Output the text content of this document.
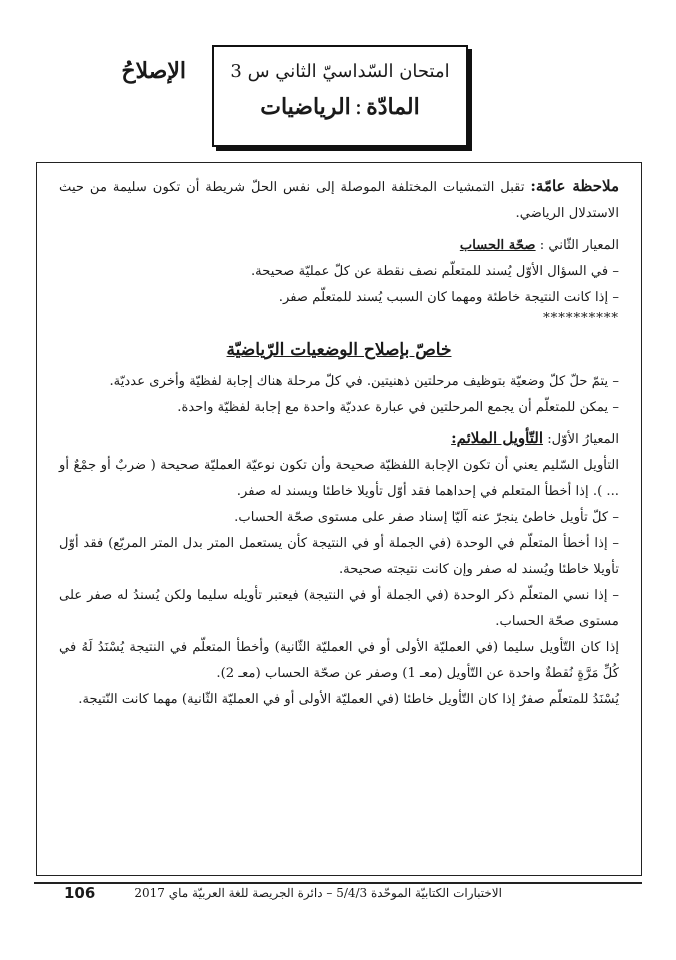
الإصلاحُ	امتحان السّداسيّ الثاني س 3
المادّة:الرياضيات

ملاحظة عامّة: تقبل التمشيات المختلفة الموصلة إلى نفس الحلّ شريطة أن تكون سليمة من حيث الاستدلال الرياضي.

المعيار الثّاني : صحّة الحساب

– في السؤال الأوّل يُسند للمتعلّم نصف نقطة عن كلّ عمليّة صحيحة.

– إذا كانت النتيجة خاطئة ومهما كان السبب يُسند للمتعلّم صفر.

**********

خاصّ بإصلاح الوضعيات الرّياضيّة

– يتمّ حلّ كلّ وضعيّة بتوظيف مرحلتين ذهنيتين. في كلّ مرحلة هناك إجابة لفظيّة وأخرى عدديّة.

– يمكن للمتعلّم أن يجمع المرحلتين في عبارة عدديّة واحدة مع إجابة لفظيّة واحدة.

المعيارُ الأوّل: التّأويل الملائم:

التأويل السّليم يعني أن تكون الإجابة اللفظيّة صحيحة وأن تكون نوعيّة العمليّة صحيحة ( ضربٌ أو جمْعٌ أو ... ). إذا أخطأ المتعلم في إحداهما فقد أوّل تأويلا خاطئا ويسند له صفر.

– كلّ تأويل خاطئ ينجرّ عنه آليّا إسناد صفر على مستوى صحّة الحساب.

– إذا أخطأ المتعلّم في الوحدة (في الجملة أو في النتيجة كأن يستعمل المتر بدل المتر المربّع) فقد أوّل تأويلا خاطئا ويُسند له صفر وإن كانت نتيجته صحيحة.

– إذا نسي المتعلّم ذكر الوحدة (في الجملة أو في النتيجة) فيعتبر تأويله سليما ولكن يُسندُ له صفر على مستوى صحّة الحساب.

إذا كان التّأويل سليما (في العمليّة الأولى أو في العمليّة الثّانية) وأخطأ المتعلّم في النتيجة يُسْنَدُ لَهُ في كُلِّ مَرَّةٍ نُقطةٌ واحدة عن التّأويل (معـ 1) وصفر عن صحّة الحساب (معـ 2).

يُسْنَدُ للمتعلّم صفرٌ إذا كان التّأويل خاطئا (في العمليّة الأولى أو في العمليّة الثّانية) مهما كانت النّتيجة.

الاختبارات الكتابيّة الموحّدة 5/4/3 – دائرة الجريصة للغة العربيّة ماي 2017
106
